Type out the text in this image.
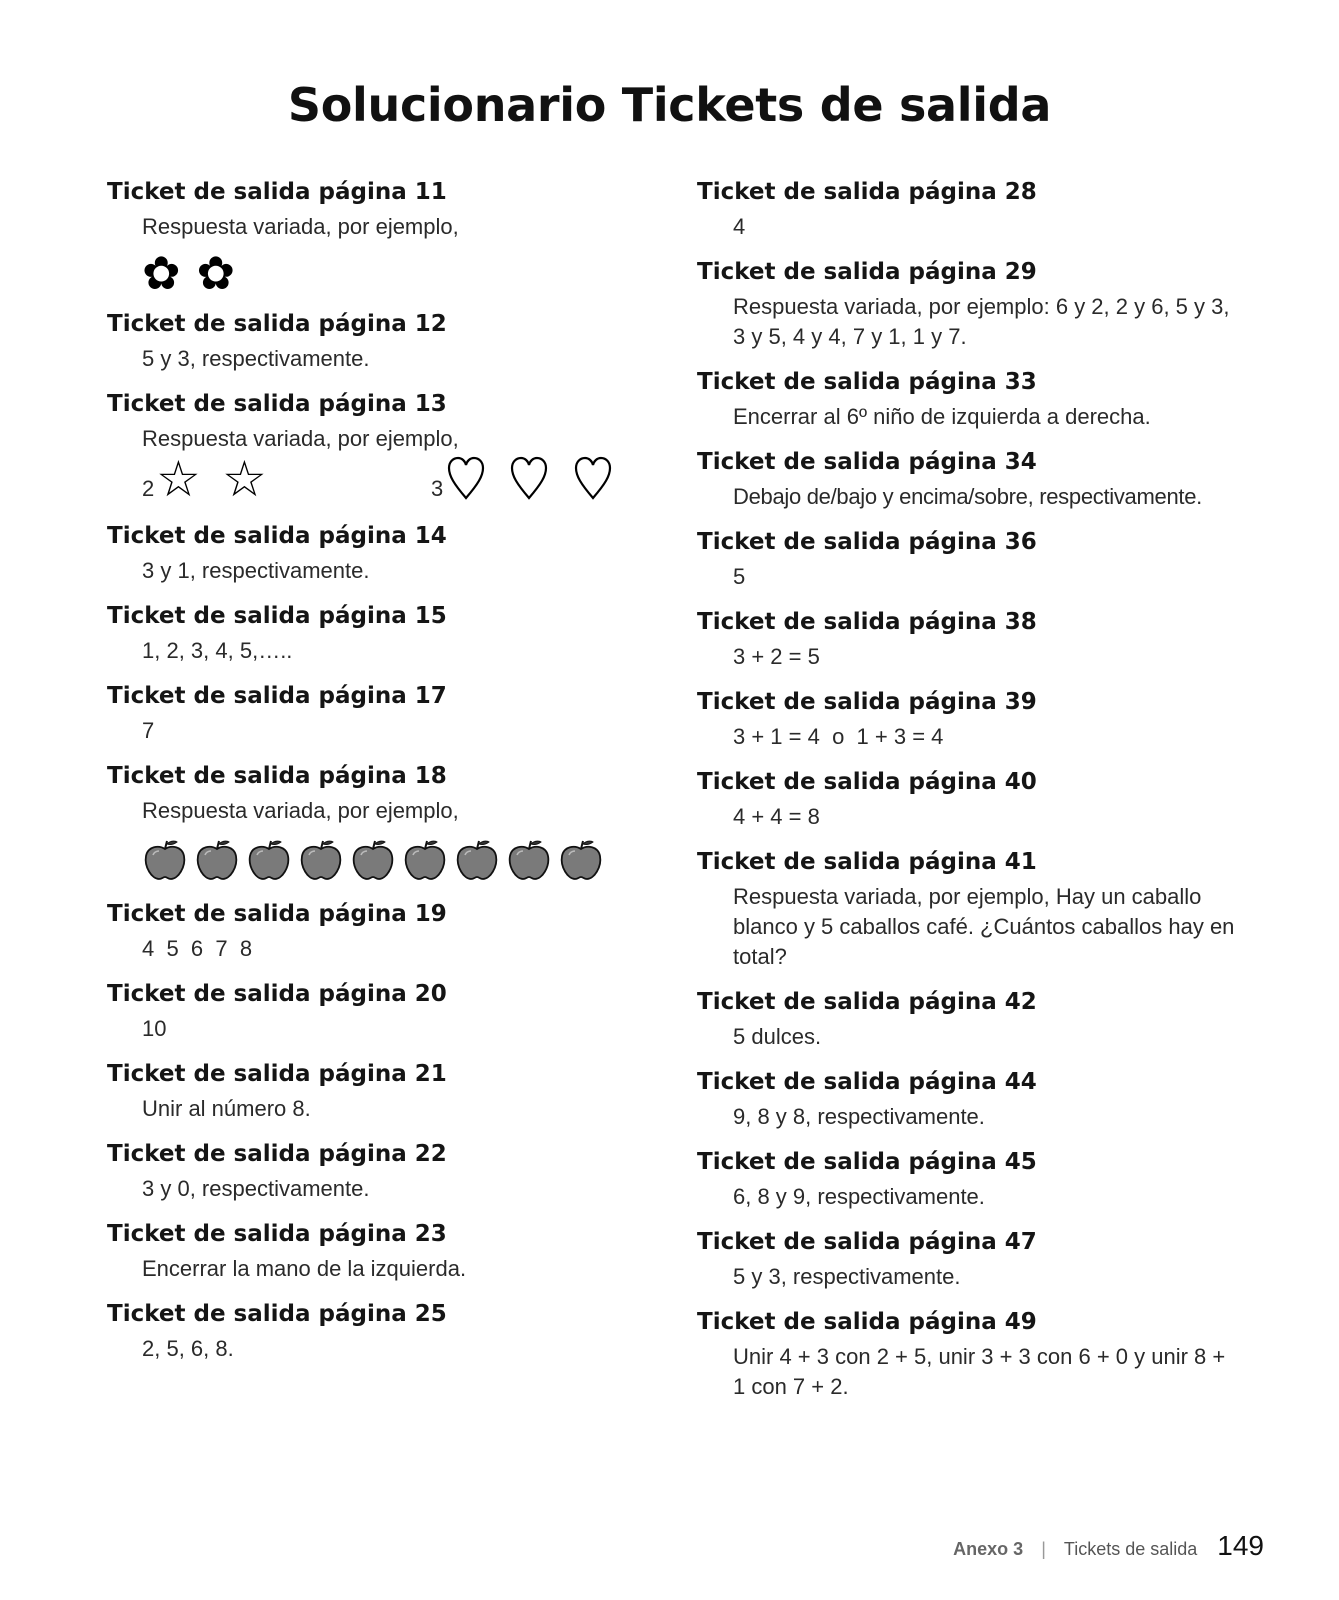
Solucionario Tickets de salida
Ticket de salida página 11
Respuesta variada, por ejemplo,
✿ ✿
Ticket de salida página 12
5 y 3, respectivamente.
Ticket de salida página 13
Respuesta variada, por ejemplo,
2 ☆ ☆	3
Ticket de salida página 14
3 y 1, respectivamente.
Ticket de salida página 15
1, 2, 3, 4, 5,…..
Ticket de salida página 17
7
Ticket de salida página 18
Respuesta variada, por ejemplo,
Ticket de salida página 19
4  5  6  7  8
Ticket de salida página 20
10
Ticket de salida página 21
Unir al número 8.
Ticket de salida página 22
3 y 0, respectivamente.
Ticket de salida página 23
Encerrar la mano de la izquierda.
Ticket de salida página 25
2, 5, 6, 8.
Ticket de salida página 28
4
Ticket de salida página 29
Respuesta variada, por ejemplo: 6 y 2, 2 y 6, 5 y 3, 3 y 5, 4 y 4, 7 y 1, 1 y 7.
Ticket de salida página 33
Encerrar al 6º niño de izquierda a derecha.
Ticket de salida página 34
Debajo de/bajo y encima/sobre, respectivamente.
Ticket de salida página 36
5
Ticket de salida página 38
3 + 2 = 5
Ticket de salida página 39
3 + 1 = 4  o  1 + 3 = 4
Ticket de salida página 40
4 + 4 = 8
Ticket de salida página 41
Respuesta variada, por ejemplo, Hay un caballo blanco y 5 caballos café. ¿Cuántos caballos hay en total?
Ticket de salida página 42
5 dulces.
Ticket de salida página 44
9, 8 y 8, respectivamente.
Ticket de salida página 45
6, 8 y 9, respectivamente.
Ticket de salida página 47
5 y 3, respectivamente.
Ticket de salida página 49
Unir 4 + 3 con 2 + 5, unir 3 + 3 con 6 + 0 y unir 8 + 1 con 7 + 2.
Anexo 3 | Tickets de salida 149
